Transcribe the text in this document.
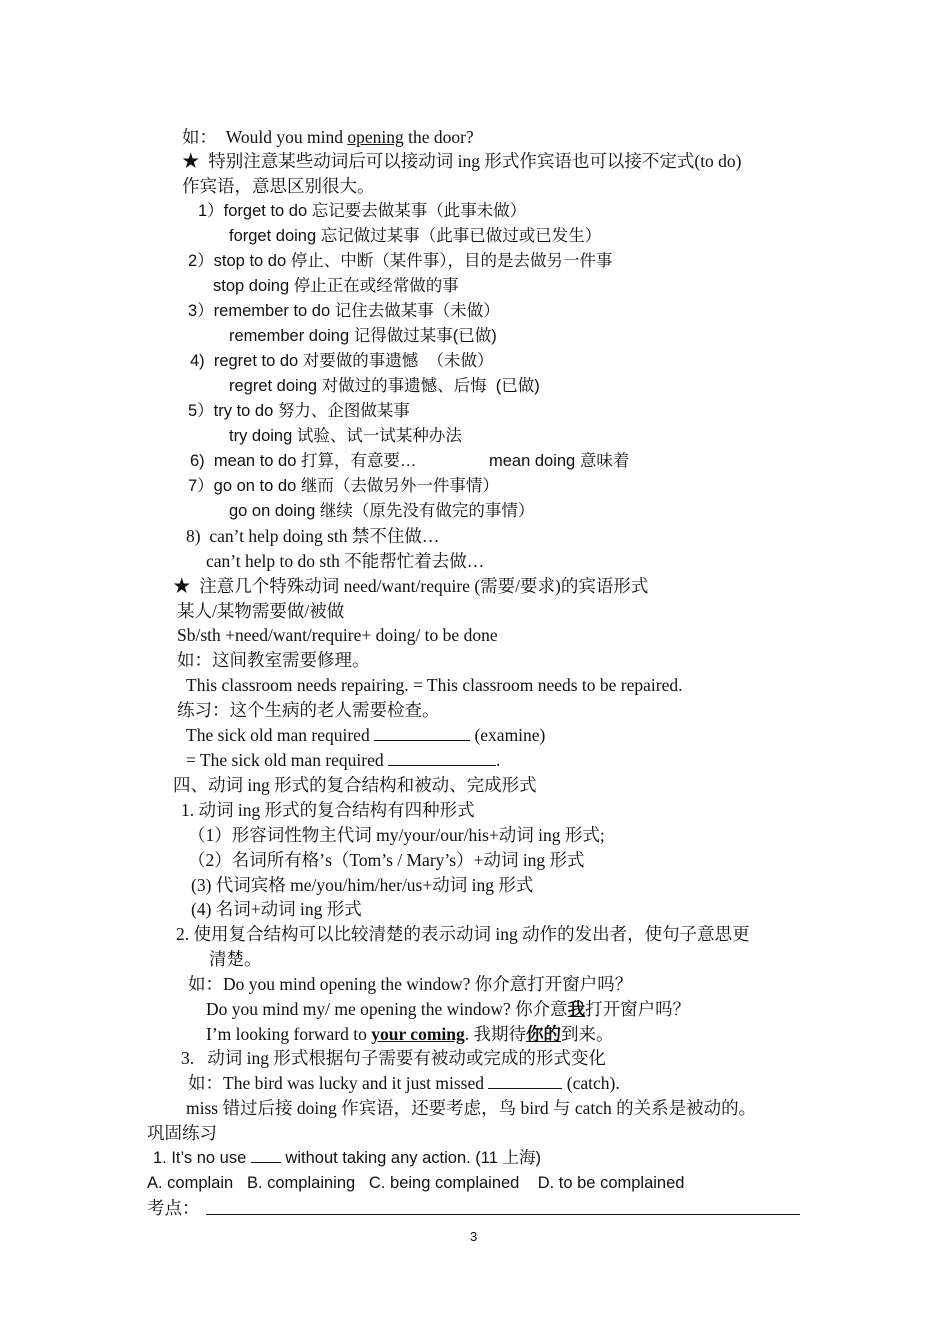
如：  Would you mind opening the door?
★  特别注意某些动词后可以接动词 ing 形式作宾语也可以接不定式(to do)
作宾语，意思区别很大。
1）forget to do 忘记要去做某事（此事未做）
forget doing 忘记做过某事（此事已做过或已发生）
2）stop to do 停止、中断（某件事），目的是去做另一件事
stop doing 停止正在或经常做的事
3）remember to do 记住去做某事（未做）
remember doing 记得做过某事(已做)
4)  regret to do 对要做的事遗憾  （未做）
regret doing 对做过的事遗憾、后悔  (已做)
5）try to do 努力、企图做某事
try doing 试验、试一试某种办法
6)  mean to do 打算，有意要…	mean doing 意味着
7）go on to do 继而（去做另外一件事情）
go on doing 继续（原先没有做完的事情）
8)  can’t help doing sth 禁不住做…
can’t help to do sth 不能帮忙着去做…
★  注意几个特殊动词 need/want/require (需要/要求)的宾语形式
某人/某物需要做/被做
Sb/sth +need/want/require+ doing/ to be done
如：这间教室需要修理。
This classroom needs repairing. = This classroom needs to be repaired.
练习：这个生病的老人需要检查。
The sick old man required	(examine)
= The sick old man required	.
四、动词 ing 形式的复合结构和被动、完成形式
1. 动词 ing 形式的复合结构有四种形式
（1）形容词性物主代词 my/your/our/his+动词 ing 形式;
（2）名词所有格’s（Tom’s / Mary’s）+动词 ing 形式
(3) 代词宾格 me/you/him/her/us+动词 ing 形式
(4) 名词+动词 ing 形式
2. 使用复合结构可以比较清楚的表示动词 ing 动作的发出者，使句子意思更
清楚。
如：Do you mind opening the window? 你介意打开窗户吗？
Do you mind my/ me opening the window? 你介意我打开窗户吗？
I’m looking forward to your coming. 我期待你的到来。
3.   动词 ing 形式根据句子需要有被动或完成的形式变化
如：The bird was lucky and it just missed	(catch).
miss 错过后接 doing 作宾语，还要考虑，鸟 bird 与 catch 的关系是被动的。
巩固练习
1. It’s no use  without taking any action. (11 上海)
A. complain   B. complaining   C. being complained    D. to be complained
考点：
3
